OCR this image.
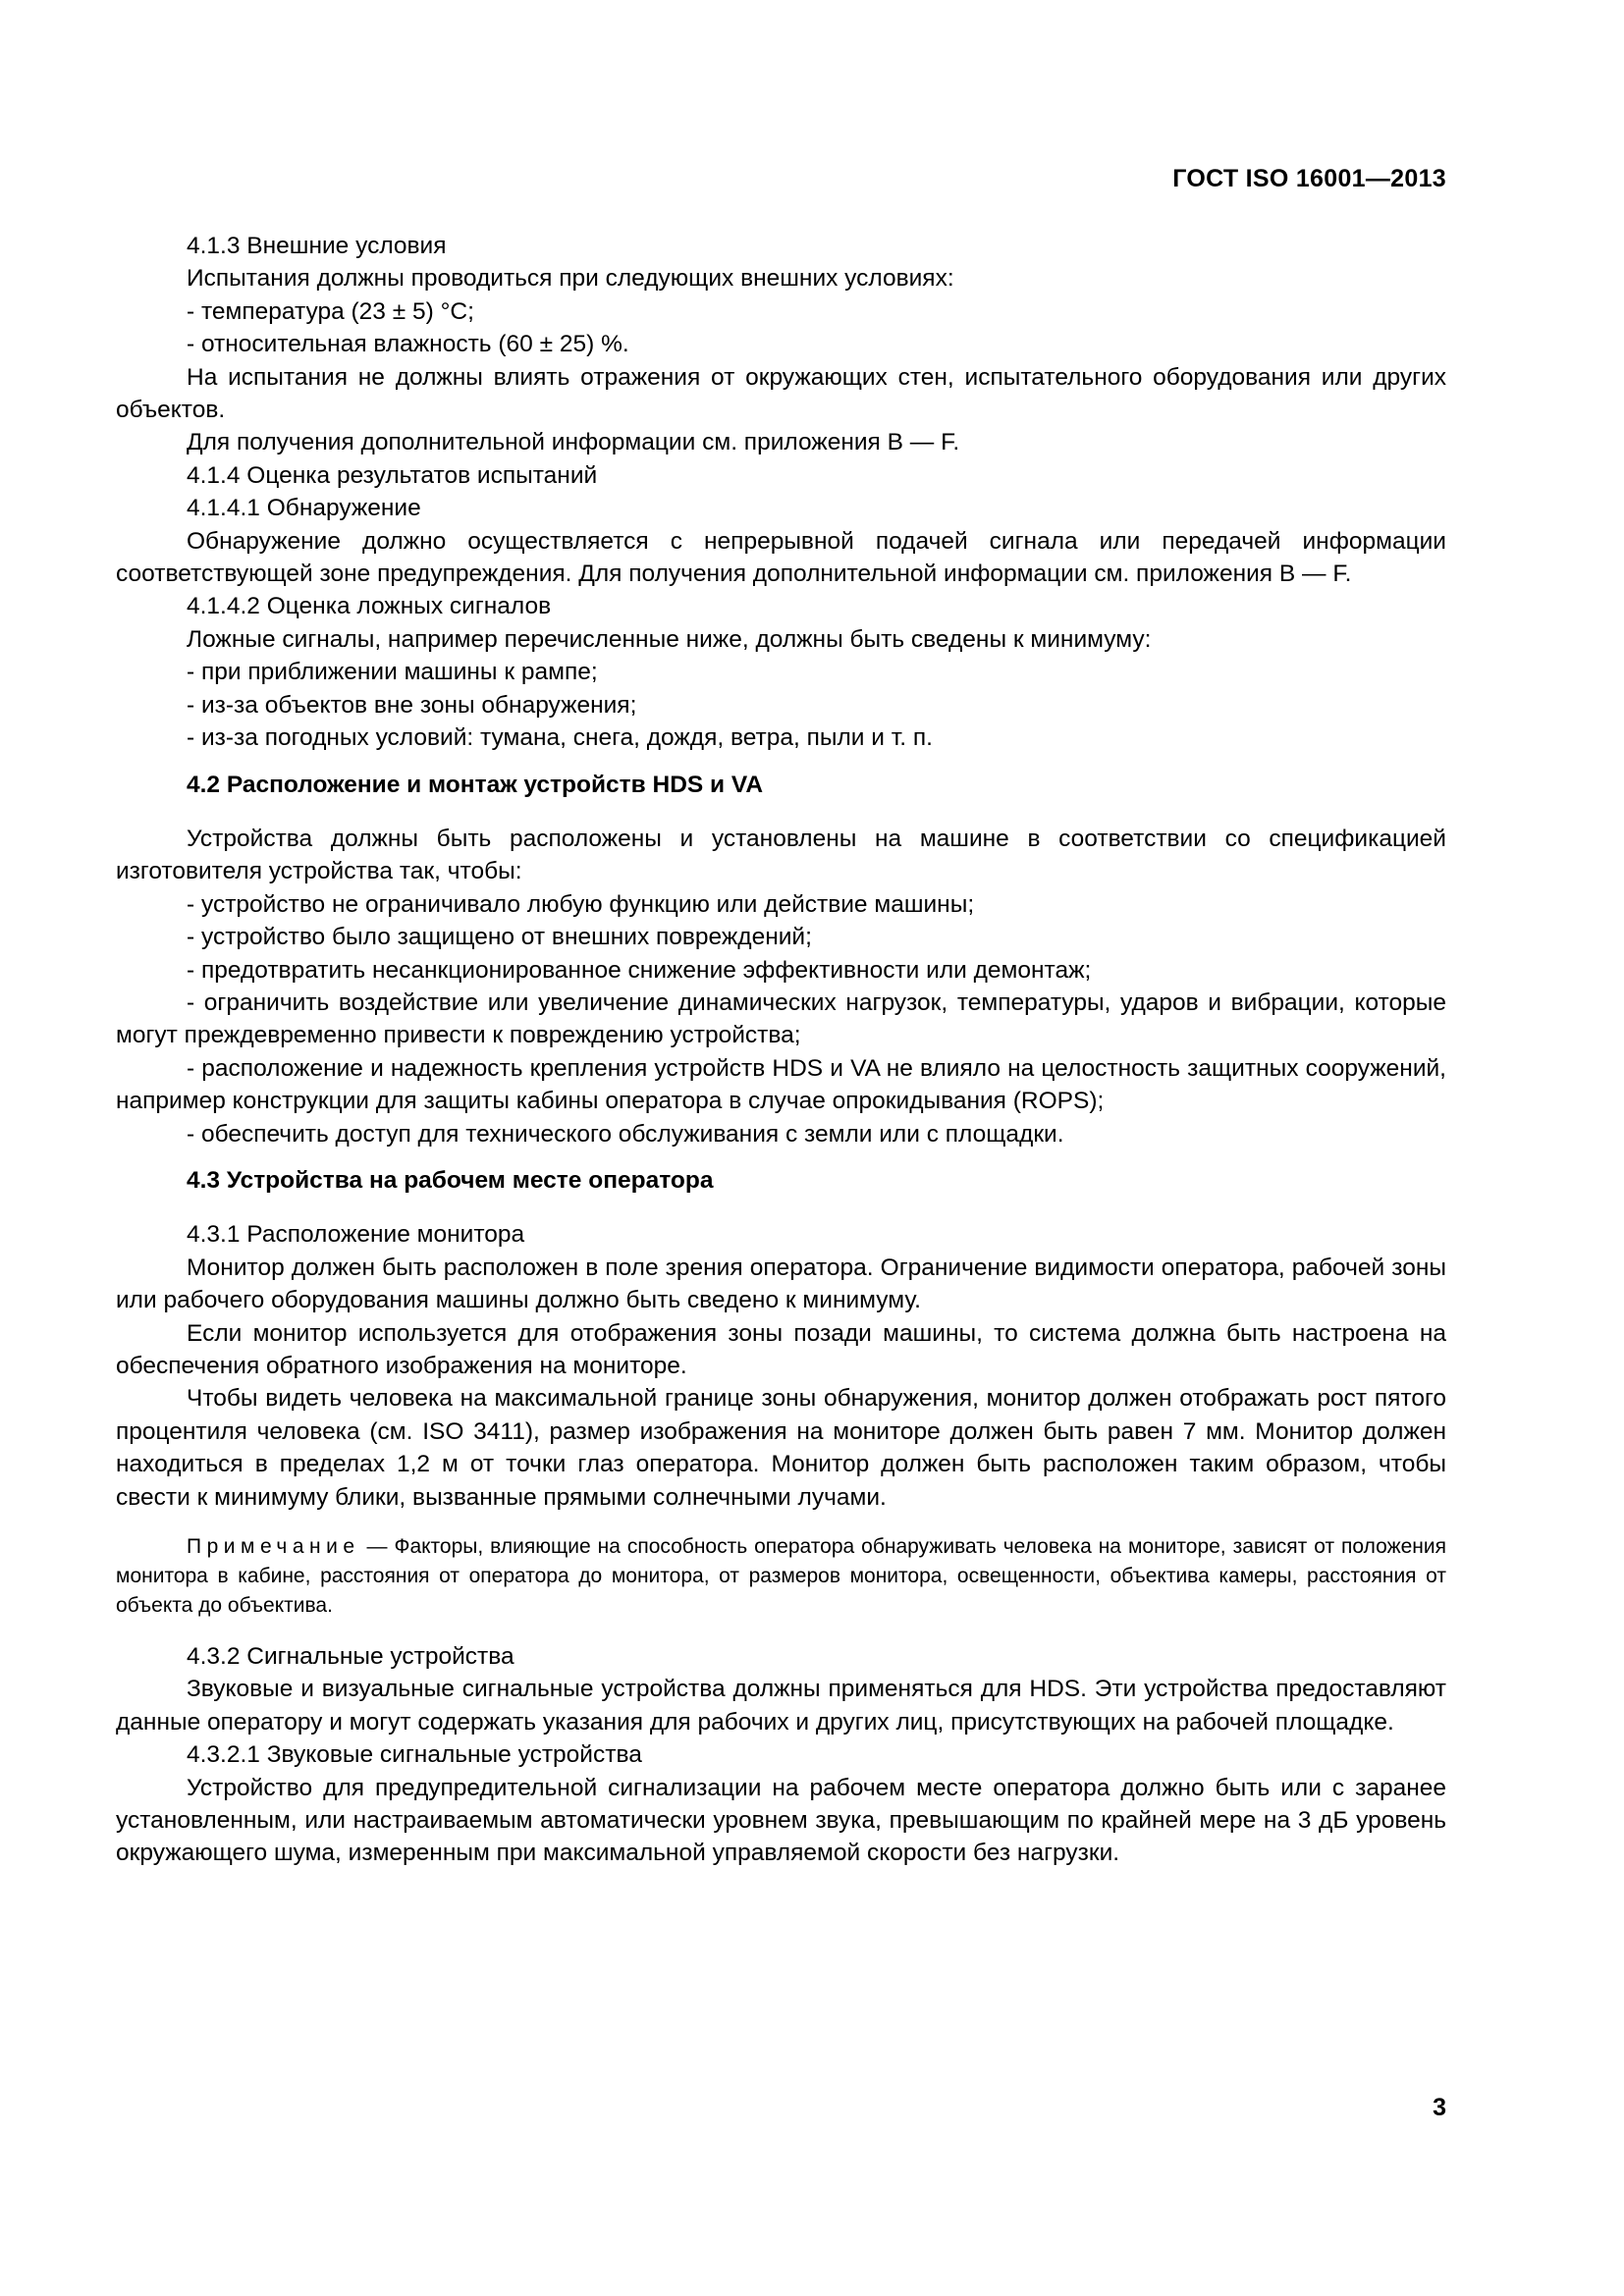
ГОСТ ISO 16001—2013

4.1.3 Внешние условия

Испытания должны проводиться при следующих внешних условиях:

- температура (23 ± 5) °C;

- относительная влажность (60 ± 25) %.

На испытания не должны влиять отражения от окружающих стен, испытательного оборудования или других объектов.

Для получения дополнительной информации см. приложения В — F.

4.1.4 Оценка результатов испытаний

4.1.4.1 Обнаружение

Обнаружение должно осуществляется с непрерывной подачей сигнала или передачей информации соответствующей зоне предупреждения. Для получения дополнительной информации см. приложения В — F.

4.1.4.2 Оценка ложных сигналов

Ложные сигналы, например перечисленные ниже, должны быть сведены к минимуму:

- при приближении машины к рампе;

- из-за объектов вне зоны обнаружения;

- из-за погодных условий: тумана, снега, дождя, ветра, пыли и т. п.

4.2 Расположение и монтаж устройств HDS и VA

Устройства должны быть расположены и установлены на машине в соответствии со спецификацией изготовителя устройства так, чтобы:

- устройство не ограничивало любую функцию или действие машины;

- устройство было защищено от внешних повреждений;

- предотвратить несанкционированное снижение эффективности или демонтаж;

- ограничить воздействие или увеличение динамических нагрузок, температуры, ударов и вибрации, которые могут преждевременно привести к повреждению устройства;

- расположение и надежность крепления устройств HDS и VA не влияло на целостность защитных сооружений, например конструкции для защиты кабины оператора в случае опрокидывания (ROPS);

- обеспечить доступ для технического обслуживания с земли или с площадки.

4.3 Устройства на рабочем месте оператора

4.3.1 Расположение монитора

Монитор должен быть расположен в поле зрения оператора. Ограничение видимости оператора, рабочей зоны или рабочего оборудования машины должно быть сведено к минимуму.

Если монитор используется для отображения зоны позади машины, то система должна быть настроена на обеспечения обратного изображения на мониторе.

Чтобы видеть человека на максимальной границе зоны обнаружения, монитор должен отображать рост пятого процентиля человека (см. ISO 3411), размер изображения на мониторе должен быть равен 7 мм. Монитор должен находиться в пределах 1,2 м от точки глаз оператора. Монитор должен быть расположен таким образом, чтобы свести к минимуму блики, вызванные прямыми солнечными лучами.

Примечание — Факторы, влияющие на способность оператора обнаруживать человека на мониторе, зависят от положения монитора в кабине, расстояния от оператора до монитора, от размеров монитора, освещенности, объектива камеры, расстояния от объекта до объектива.

4.3.2 Сигнальные устройства

Звуковые и визуальные сигнальные устройства должны применяться для HDS. Эти устройства предоставляют данные оператору и могут содержать указания для рабочих и других лиц, присутствующих на рабочей площадке.

4.3.2.1 Звуковые сигнальные устройства

Устройство для предупредительной сигнализации на рабочем месте оператора должно быть или с заранее установленным, или настраиваемым автоматически уровнем звука, превышающим по крайней мере на 3 дБ уровень окружающего шума, измеренным при максимальной управляемой скорости без нагрузки.

3
